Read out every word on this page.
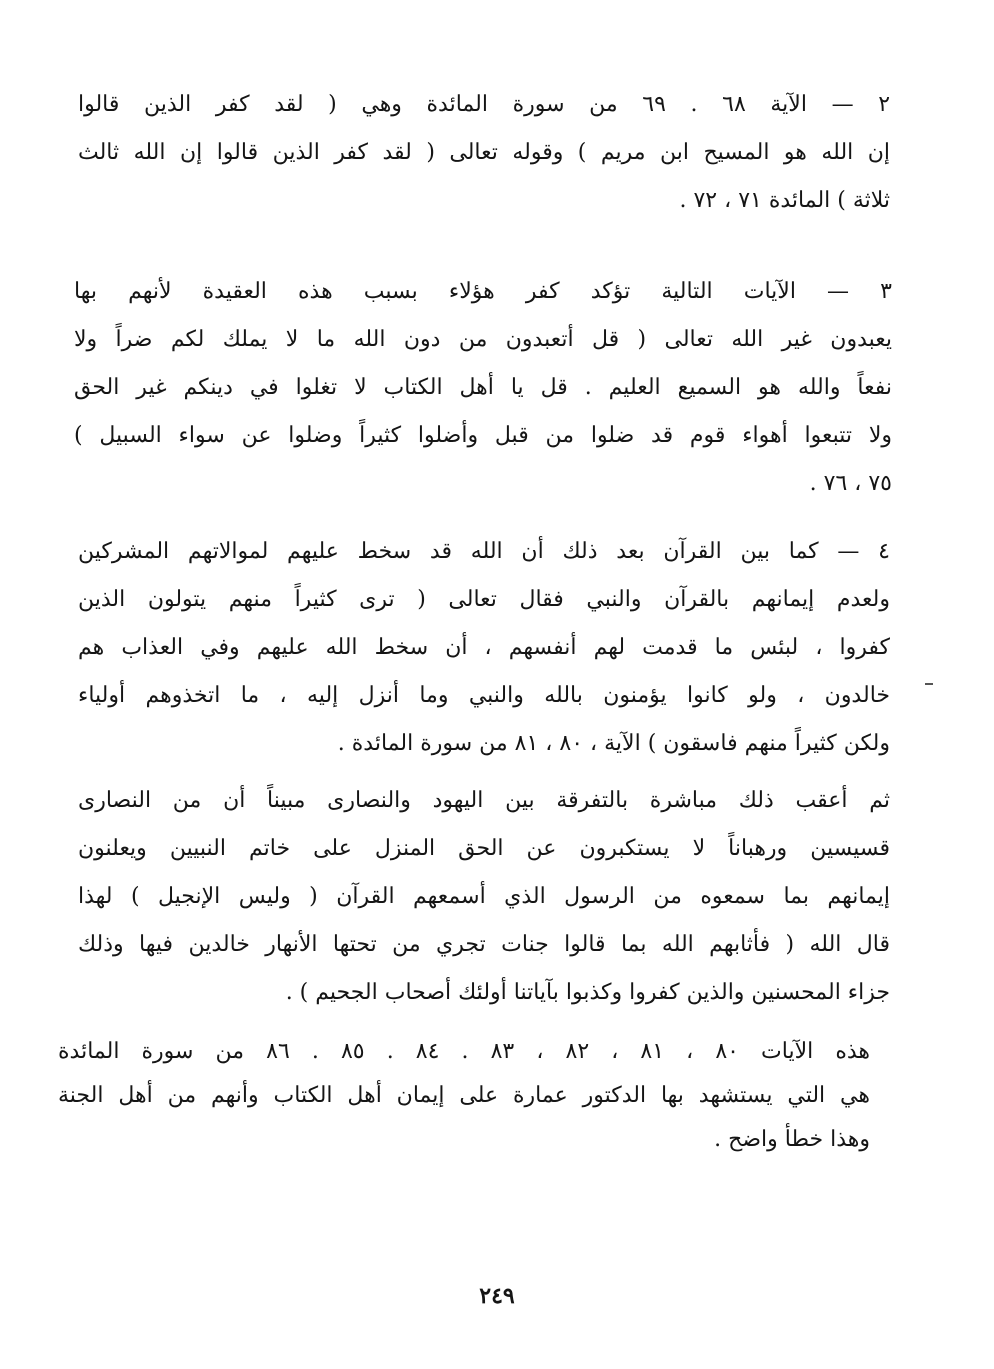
٢ — الآية ٦٨ . ٦٩ من سورة المائدة وهي ( لقد كفر الذين قالوا
إن الله هو المسيح ابن مريم ) وقوله تعالى ( لقد كفر الذين قالوا إن الله ثالث
ثلاثة ) المائدة ٧١ ، ٧٢ .
٣ — الآيات التالية تؤكد كفر هؤلاء بسبب هذه العقيدة لأنهم بها
يعبدون غير الله تعالى ( قل أتعبدون من دون الله ما لا يملك لكم ضراً ولا
نفعاً والله هو السميع العليم . قل يا أهل الكتاب لا تغلوا في دينكم غير الحق
ولا تتبعوا أهواء قوم قد ضلوا من قبل وأضلوا كثيراً وضلوا عن سواء السبيل )
٧٥ ، ٧٦ .
٤ — كما بين القرآن بعد ذلك أن الله قد سخط عليهم لموالاتهم المشركين
ولعدم إيمانهم بالقرآن والنبي فقال تعالى ( ترى كثيراً منهم يتولون الذين
كفروا ، لبئس ما قدمت لهم أنفسهم ، أن سخط الله عليهم وفي العذاب هم
خالدون ، ولو كانوا يؤمنون بالله والنبي وما أنزل إليه ، ما اتخذوهم أولياء
ولكن كثيراً منهم فاسقون ) الآية ، ٨٠ ، ٨١ من سورة المائدة .
ثم أعقب ذلك مباشرة بالتفرقة بين اليهود والنصارى مبيناً أن من النصارى
قسيسين ورهباناً لا يستكبرون عن الحق المنزل على خاتم النبيين ويعلنون
إيمانهم بما سمعوه من الرسول الذي أسمعهم القرآن ( وليس الإنجيل ) لهذا
قال الله ( فأثابهم الله بما قالوا جنات تجري من تحتها الأنهار خالدين فيها وذلك
جزاء المحسنين والذين كفروا وكذبوا بآياتنا أولئك أصحاب الجحيم ) .
هذه الآيات ٨٠ ، ٨١ ، ٨٢ ، ٨٣ . ٨٤ . ٨٥ . ٨٦ من سورة المائدة
هي التي يستشهد بها الدكتور عمارة على إيمان أهل الكتاب وأنهم من أهل الجنة
وهذا خطأ واضح .
٢٤٩
